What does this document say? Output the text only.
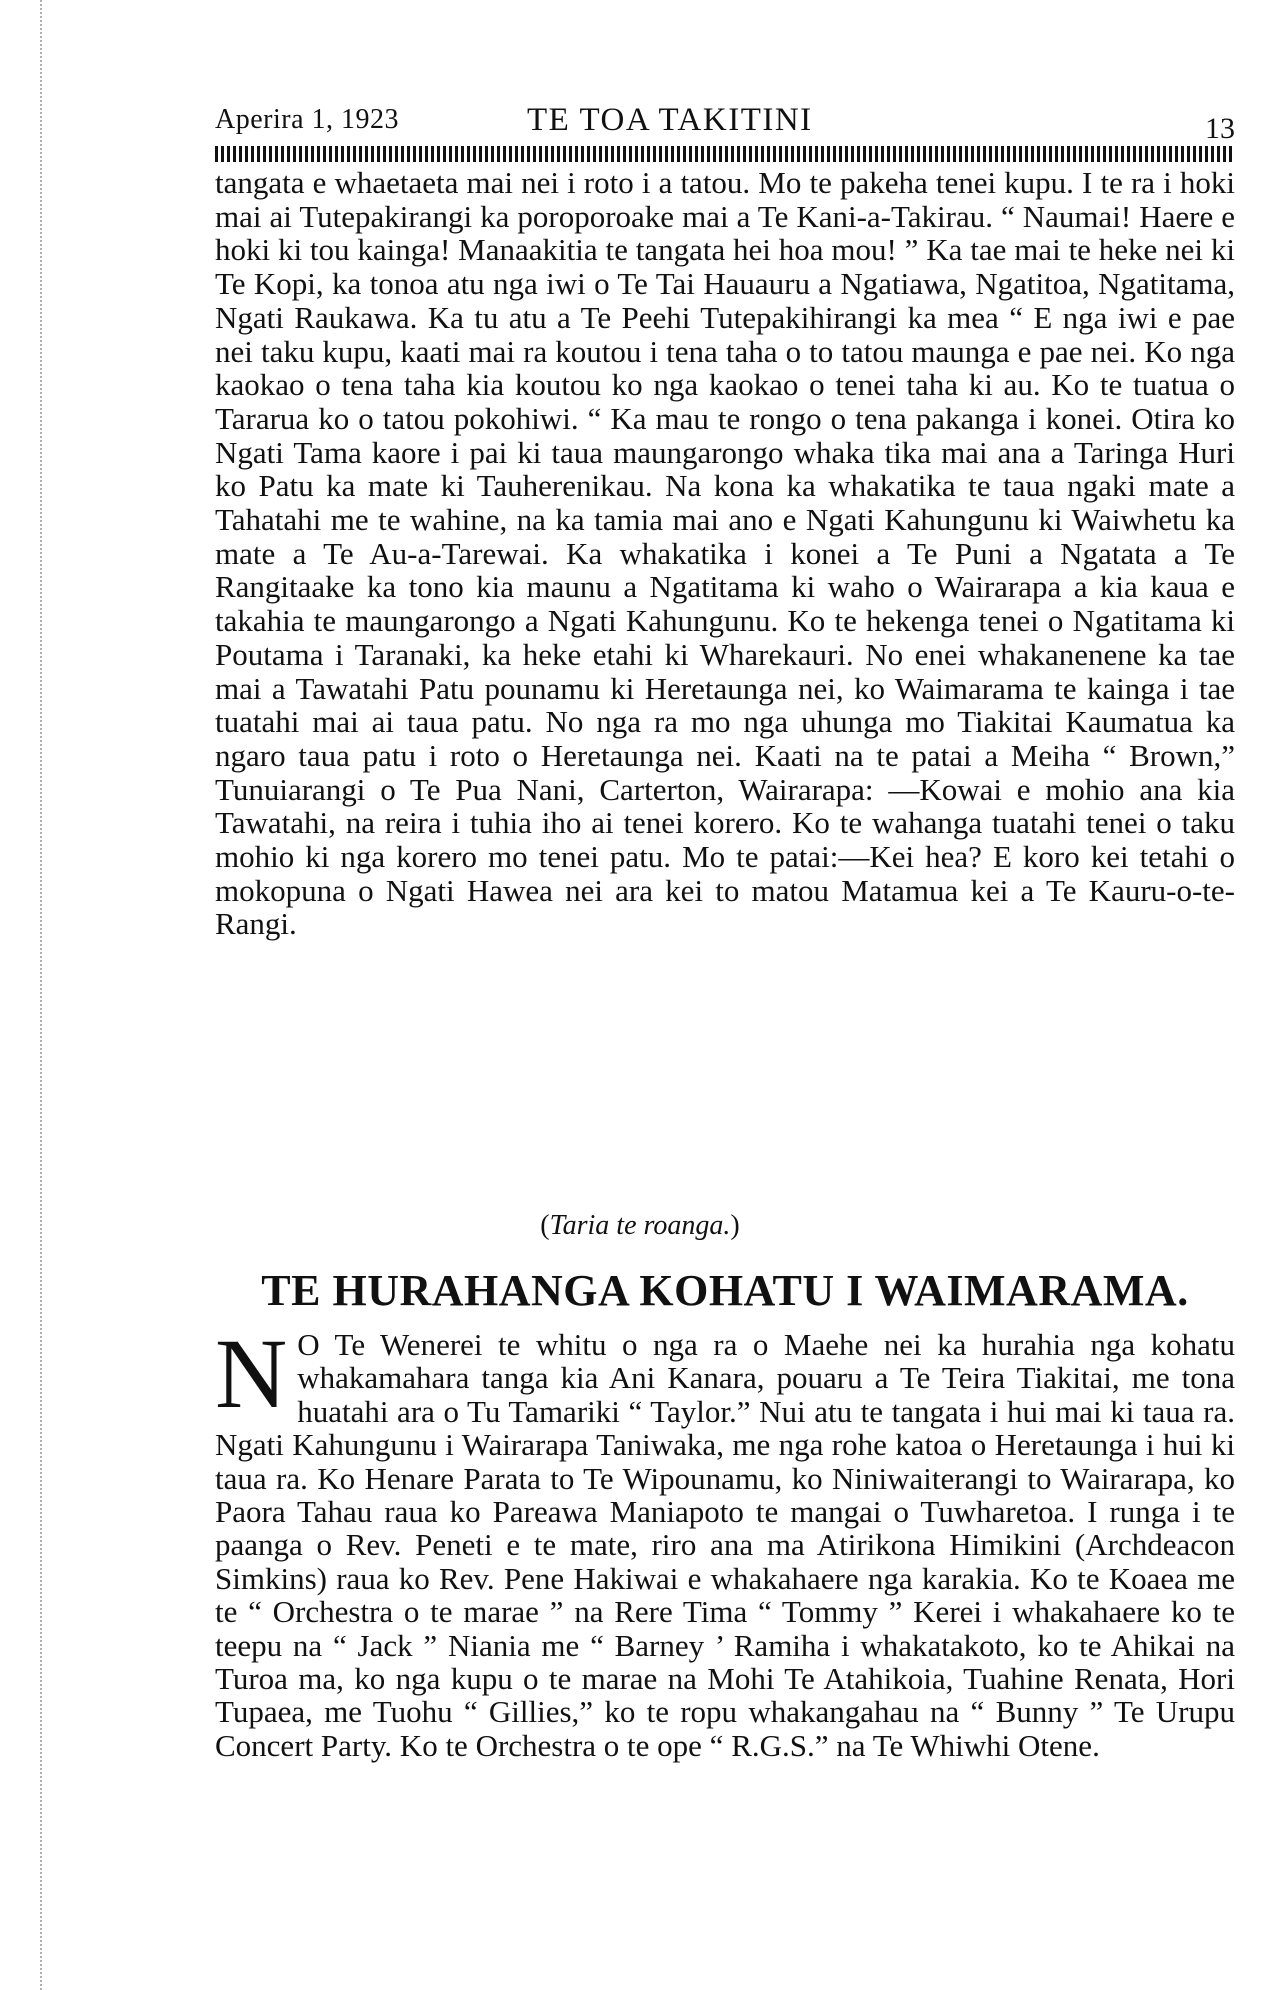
Aperira 1, 1923	TE TOA TAKITINI	13

tangata e whaetaeta mai nei i roto i a tatou. Mo te pakeha tenei kupu. I te ra i hoki mai ai Tutepakirangi ka poroporoake mai a Te Kani-a-Takirau. “ Naumai! Haere e hoki ki tou kainga! Manaakitia te tangata hei hoa mou! ” Ka tae mai te heke nei ki Te Kopi, ka tonoa atu nga iwi o Te Tai Hauauru a Ngatiawa, Ngatitoa, Ngatitama, Ngati Raukawa. Ka tu atu a Te Peehi Tutepakihirangi ka mea “ E nga iwi e pae nei taku kupu, kaati mai ra koutou i tena taha o to tatou maunga e pae nei. Ko nga kaokao o tena taha kia koutou ko nga kaokao o tenei taha ki au. Ko te tuatua o Tararua ko o tatou pokohiwi. “ Ka mau te rongo o tena pakanga i konei. Otira ko Ngati Tama kaore i pai ki taua maungarongo whaka tika mai ana a Taringa Huri ko Patu ka mate ki Tauherenikau. Na kona ka whakatika te taua ngaki mate a Tahatahi me te wahine, na ka tamia mai ano e Ngati Kahungunu ki Waiwhetu ka mate a Te Au-a-Tarewai. Ka whakatika i konei a Te Puni a Ngatata a Te Rangitaake ka tono kia maunu a Ngatitama ki waho o Wairarapa a kia kaua e takahia te maungarongo a Ngati Kahungunu. Ko te hekenga tenei o Ngatitama ki Poutama i Taranaki, ka heke etahi ki Wharekauri. No enei whakanenene ka tae mai a Tawatahi Patu pounamu ki Heretaunga nei, ko Waimarama te kainga i tae tuatahi mai ai taua patu. No nga ra mo nga uhunga mo Tiakitai Kaumatua ka ngaro taua patu i roto o Heretaunga nei. Kaati na te patai a Meiha “ Brown,” Tunuiarangi o Te Pua Nani, Carterton, Wairarapa: —Kowai e mohio ana kia Tawatahi, na reira i tuhia iho ai tenei korero. Ko te wahanga tuatahi tenei o taku mohio ki nga korero mo tenei patu. Mo te patai:—Kei hea? E koro kei tetahi o mokopuna o Ngati Hawea nei ara kei to matou Matamua kei a Te Kauru-o-te-Rangi.

(Taria te roanga.)
TE HURAHANGA KOHATU I WAIMARAMA.
N O Te Wenerei te whitu o nga ra o Maehe nei ka hurahia nga kohatu whakamahara tanga kia Ani Kanara, pouaru a Te Teira Tiakitai, me tona huatahi ara o Tu Tamariki “ Taylor.” Nui atu te tangata i hui mai ki taua ra. Ngati Kahungunu i Wairarapa Taniwaka, me nga rohe katoa o Heretaunga i hui ki taua ra. Ko Henare Parata to Te Wipounamu, ko Niniwaiterangi to Wairarapa, ko Paora Tahau raua ko Pareawa Maniapoto te mangai o Tuwharetoa. I runga i te paanga o Rev. Peneti e te mate, riro ana ma Atirikona Himikini (Archdeacon Simkins) raua ko Rev. Pene Hakiwai e whakahaere nga karakia. Ko te Koaea me te “ Orchestra o te marae ” na Rere Tima “ Tommy ” Kerei i whakahaere ko te teepu na “ Jack ” Niania me “ Barney ’ Ramiha i whakatakoto, ko te Ahikai na Turoa ma, ko nga kupu o te marae na Mohi Te Atahikoia, Tuahine Renata, Hori Tupaea, me Tuohu “ Gillies,” ko te ropu whakangahau na “ Bunny ” Te Urupu Concert Party. Ko te Orchestra o te ope “ R.G.S.” na Te Whiwhi Otene.
